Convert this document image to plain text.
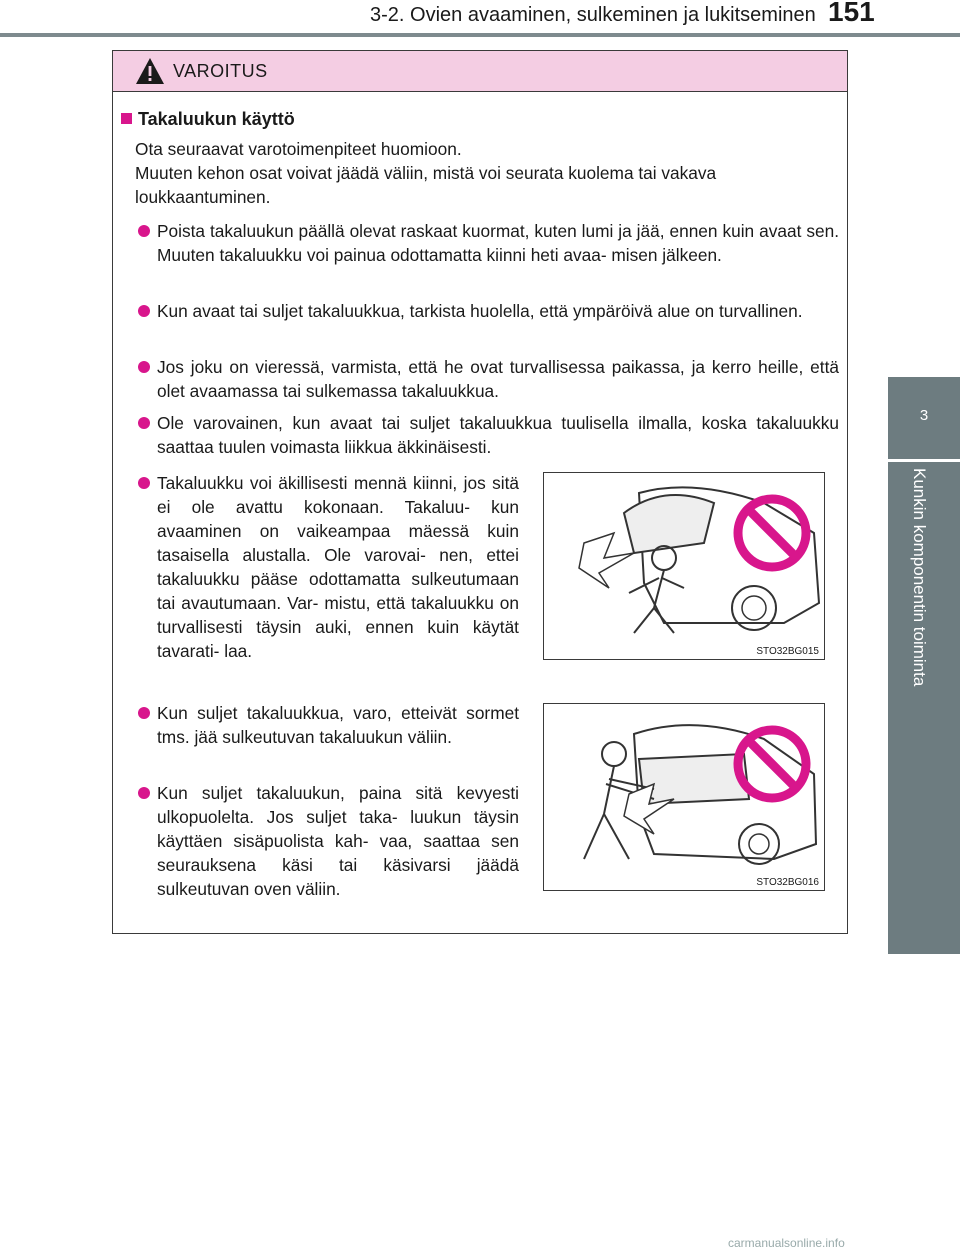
3-2. Ovien avaaminen, sulkeminen ja lukitseminen 151
3
Kunkin komponentin toiminta
VAROITUS
Takaluukun käyttö
Ota seuraavat varotoimenpiteet huomioon.
Muuten kehon osat voivat jäädä väliin, mistä voi seurata kuolema tai vakava loukkaantuminen.
Poista takaluukun päällä olevat raskaat kuormat, kuten lumi ja jää, ennen kuin avaat sen. Muuten takaluukku voi painua odottamatta kiinni heti avaa- misen jälkeen.
Kun avaat tai suljet takaluukkua, tarkista huolella, että ympäröivä alue on turvallinen.
Jos joku on vieressä, varmista, että he ovat turvallisessa paikassa, ja kerro heille, että olet avaamassa tai sulkemassa takaluukkua.
Ole varovainen, kun avaat tai suljet takaluukkua tuulisella ilmalla, koska takaluukku saattaa tuulen voimasta liikkua äkkinäisesti.
Takaluukku voi äkillisesti mennä kiinni, jos sitä ei ole avattu kokonaan. Takaluu- kun avaaminen on vaikeampaa mäessä kuin tasaisella alustalla. Ole varovai- nen, ettei takaluukku pääse odottamatta sulkeutumaan tai avautumaan. Var- mistu, että takaluukku on turvallisesti täysin auki, ennen kuin käytät tavarati- laa.
Kun suljet takaluukkua, varo, etteivät sormet tms. jää sulkeutuvan takaluukun väliin.
Kun suljet takaluukun, paina sitä kevyesti ulkopuolelta. Jos suljet taka- luukun täysin käyttäen sisäpuolista kah- vaa, saattaa sen seurauksena käsi tai käsivarsi jäädä sulkeutuvan oven väliin.
STO32BG015
STO32BG016
carmanualsonline.info
